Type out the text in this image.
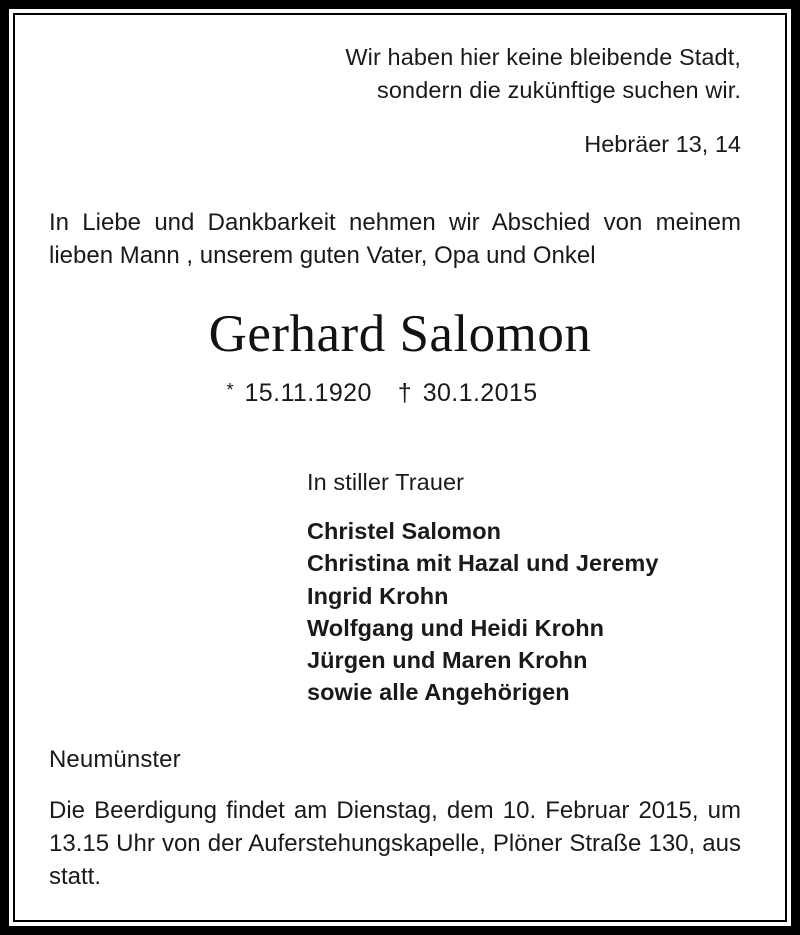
Wir haben hier keine bleibende Stadt,
sondern die zukünftige suchen wir.
Hebräer 13, 14
In Liebe und Dankbarkeit nehmen wir Abschied von meinem lieben Mann , unserem guten Vater, Opa und Onkel
Gerhard Salomon
* 15.11.1920 † 30.1.2015
In stiller Trauer
Christel Salomon
Christina mit Hazal und Jeremy
Ingrid Krohn
Wolfgang und Heidi Krohn
Jürgen und Maren Krohn
sowie alle Angehörigen
Neumünster
Die Beerdigung findet am Dienstag, dem 10. Februar 2015, um 13.15 Uhr von der Auferstehungskapelle, Plöner Straße 130, aus statt.
